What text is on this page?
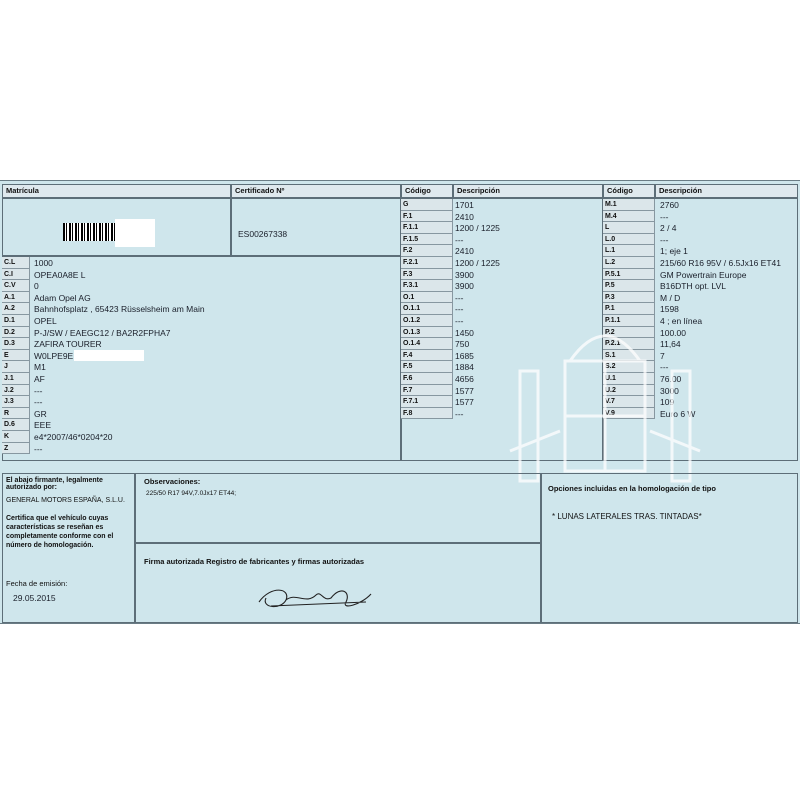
Matrícula	Certificado Nº	Código	Descripción	Código	Descripción
ES00267338
C.L	1000
C.I	OPEA0A8E L
C.V	0
A.1	Adam Opel AG
A.2	Bahnhofsplatz , 65423 Rüsselsheim am Main
D.1	OPEL
D.2	P-J/SW / EAEGC12 / BA2R2FPHA7
D.3	ZAFIRA TOURER
E	W0LPE9E
J	M1
J.1	AF
J.2	---
J.3	---
R	GR
D.6	EEE
K	e4*2007/46*0204*20
Z	---
G	1701
F.1	2410
F.1.1	1200 / 1225
F.1.5	---
F.2	2410
F.2.1	1200 / 1225
F.3	3900
F.3.1	3900
O.1	---
O.1.1	---
O.1.2	---
O.1.3	1450
O.1.4	750
F.4	1685
F.5	1884
F.6	4656
F.7	1577
F.7.1	1577
F.8	---
M.1	2760
M.4	---
L	2 / 4
L.0	---
L.1	1; eje 1
L.2	215/60 R16 95V / 6.5Jx16 ET41
P.5.1	GM Powertrain Europe
P.5	B16DTH opt. LVL
P.3	M / D
P.1	1598
P.1.1	4 ; en línea
P.2	100.00
P.2.1	11,64
S.1	7
S.2	---
U.1	76.00
U.2	3000
V.7	109
V.9	Euro 6 W
El abajo firmante, legalmente autorizado por:
GENERAL MOTORS ESPAÑA, S.L.U.
Certifica que el vehículo cuyas características se reseñan es completamente conforme con el número de homologación.
Fecha de emisión:
29.05.2015
Observaciones:
225/50 R17 94V,7.0Jx17 ET44;
Firma autorizada Registro de fabricantes y firmas autorizadas
Opciones incluidas en la homologación de tipo
* LUNAS LATERALES TRAS. TINTADAS*
